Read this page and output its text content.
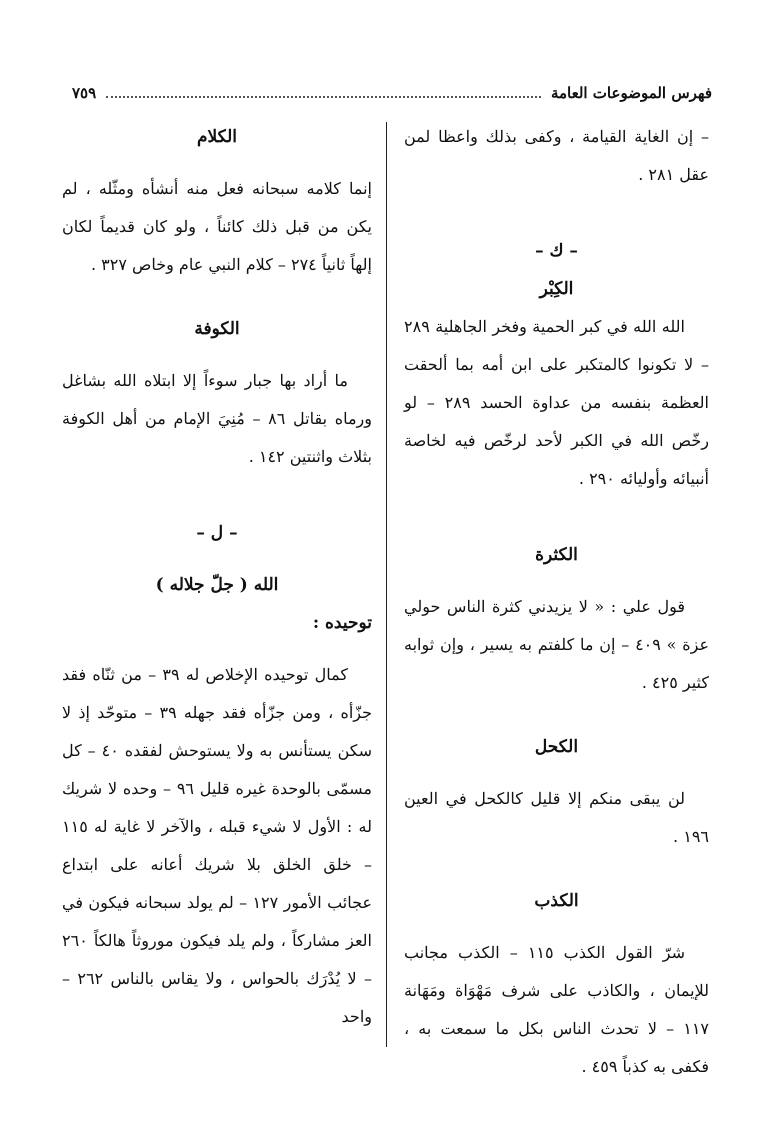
فهرس الموضوعات العامة
٧٥٩

– إن الغاية القيامة ، وكفى بذلك واعظا لمن عقل ٢٨١ .

– ك –

الكِبْر

الله الله في كبر الحمية وفخر الجاهلية ٢٨٩ – لا تكونوا كالمتكبر على ابن أمه بما ألحقت العظمة بنفسه من عداوة الحسد ٢٨٩ – لو رخّص الله في الكبر لأحد لرخّص فيه لخاصة أنبيائه وأوليائه ٢٩٠ .

الكثرة

قول علي : « لا يزيدني كثرة الناس حولي عزة » ٤٠٩ – إن ما كلفتم به يسير ، وإن ثوابه كثير ٤٢٥ .

الكحل

لن يبقى منكم إلا قليل كالكحل في العين ١٩٦ .

الكذب

شرّ القول الكذب ١١٥ – الكذب مجانب للإيمان ، والكاذب على شرف مَهْوَاة ومَهَانة ١١٧ – لا تحدث الناس بكل ما سمعت به ، فكفى به كذباً ٤٥٩ .

الكلام

إنما كلامه سبحانه فعل منه أنشأه ومثّله ، لم يكن من قبل ذلك كائناً ، ولو كان قديماً لكان إلهاً ثانياً ٢٧٤ – كلام النبي عام وخاص ٣٢٧ .

الكوفة

ما أراد بها جبار سوءاً إلا ابتلاه الله بشاغل ورماه بقاتل ٨٦ – مُنِيَ الإمام من أهل الكوفة بثلاث واثنتين ١٤٢ .

– ل –

الله ( جلّ جلاله )

توحيده :

كمال توحيده الإخلاص له ٣٩ – من ثنّاه فقد جزّأه ، ومن جزّأه فقد جهله ٣٩ – متوحّد إذ لا سكن يستأنس به ولا يستوحش لفقده ٤٠ – كل مسمّى بالوحدة غيره قليل ٩٦ – وحده لا شريك له : الأول لا شيء قبله ، والآخر لا غاية له ١١٥ – خلق الخلق بلا شريك أعانه على ابتداع عجائب الأمور ١٢٧ – لم يولد سبحانه فيكون في العز مشاركاً ، ولم يلد فيكون موروثاً هالكاً ٢٦٠ – لا يُدْرَك بالحواس ، ولا يقاس بالناس ٢٦٢ – واحد
